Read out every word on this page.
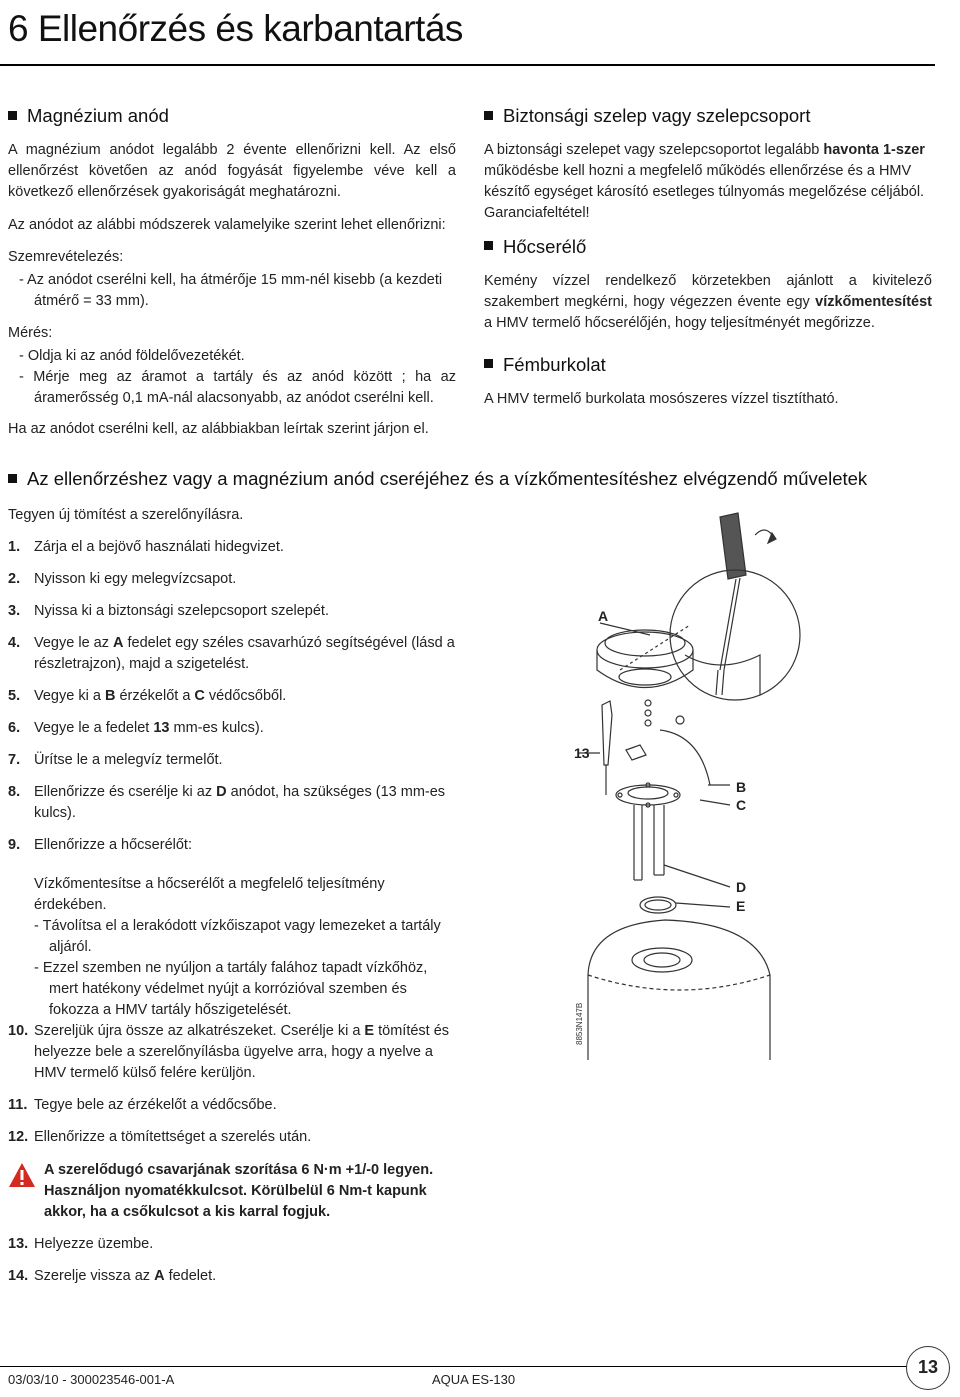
6 Ellenőrzés és karbantartás
Magnézium anód

A magnézium anódot legalább 2 évente ellenőrizni kell. Az első ellenőrzést követően az anód fogyását figyelembe véve kell a következő ellenőrzések gyakoriságát meghatározni.

Az anódot az alábbi módszerek valamelyike szerint lehet ellenőrizni:

Szemrevételezés:

- Az anódot cserélni kell, ha átmérője 15 mm-nél kisebb (a kezdeti átmérő = 33 mm).

Mérés:

- Oldja ki az anód földelővezetékét.

- Mérje meg az áramot a tartály és az anód között ; ha az áramerősség 0,1 mA-nál alacsonyabb, az anódot cserélni kell.

Ha az anódot cserélni kell, az alábbiakban leírtak szerint járjon el.

Biztonsági szelep vagy szelepcsoport

A biztonsági szelepet vagy szelepcsoportot legalább havonta 1-szer működésbe kell hozni a megfelelő működés ellenőrzése és a HMV készítő egységet károsító esetleges túlnyomás megelőzése céljából. Garanciafeltétel!

Hőcserélő

Kemény vízzel rendelkező körzetekben ajánlott a kivitelező szakembert megkérni, hogy végezzen évente egy vízkőmentesítést a HMV termelő hőcserélőjén, hogy teljesítményét megőrizze.

Fémburkolat

A HMV termelő burkolata mosószeres vízzel tisztítható.

Az ellenőrzéshez vagy a magnézium anód cseréjéhez és a vízkőmentesítéshez elvégzendő műveletek

Tegyen új tömítést a szerelőnyílásra.

1. Zárja el a bejövő használati hidegvizet.
2. Nyisson ki egy melegvízcsapot.
3. Nyissa ki a biztonsági szelepcsoport szelepét.
4. Vegye le az A fedelet egy széles csavarhúzó segítségével (lásd a részletrajzon), majd a szigetelést.
5. Vegye ki a B érzékelőt a C védőcsőből.
6. Vegye le a fedelet 13 mm-es kulcs).
7. Ürítse le a melegvíz termelőt.
8. Ellenőrizze és cserélje ki az D anódot, ha szükséges (13 mm-es kulcs).
9. Ellenőrizze a hőcserélőt:

Vízkőmentesítse a hőcserélőt a megfelelő teljesítmény érdekében.

- Távolítsa el a lerakódott vízkőiszapot vagy lemezeket a tartály aljáról.

- Ezzel szemben ne nyúljon a tartály falához tapadt vízkőhöz, mert hatékony védelmet nyújt a korrózióval szemben és fokozza a HMV tartály hőszigetelését.

10. Szereljük újra össze az alkatrészeket. Cserélje ki a E tömítést és helyezze bele a szerelőnyílásba ügyelve arra, hogy a nyelve a HMV termelő külső felére kerüljön.
11. Tegye bele az érzékelőt a védőcsőbe.
12. Ellenőrizze a tömítettséget a szerelés után.

A szerelődugó csavarjának szorítása 6 N·m +1/-0 legyen. Használjon nyomatékkulcsot. Körülbelül 6 Nm-t kapunk akkor, ha a csőkulcsot a kis karral fogjuk.

13. Helyezze üzembe.
14. Szerelje vissza az A fedelet.
A
13
B
C
D
E
8853N147B
03/03/10 - 300023546-001-A	AQUA ES-130
13
